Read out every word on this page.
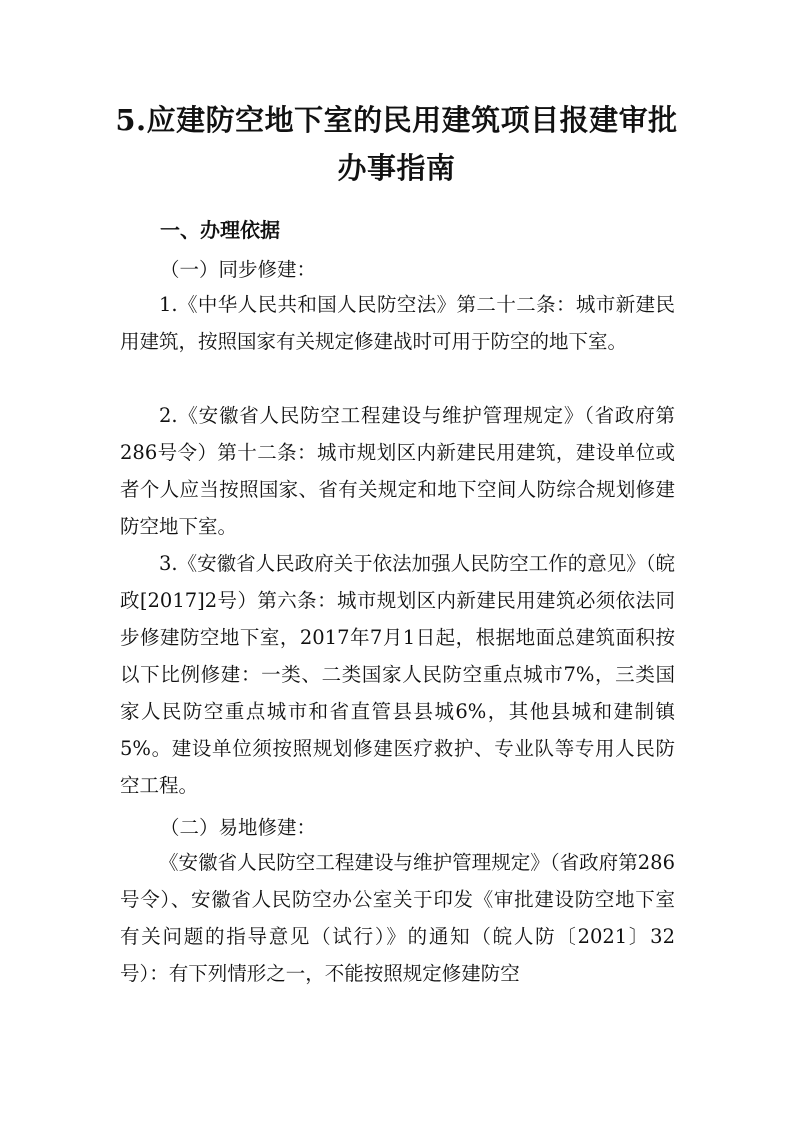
5.应建防空地下室的民用建筑项目报建审批
办事指南
一、办理依据
（一）同步修建：

1.《中华人民共和国人民防空法》第二十二条：城市新建民用建筑，按照国家有关规定修建战时可用于防空的地下室。

2.《安徽省人民防空工程建设与维护管理规定》（省政府第286号令）第十二条：城市规划区内新建民用建筑，建设单位或者个人应当按照国家、省有关规定和地下空间人防综合规划修建防空地下室。

3.《安徽省人民政府关于依法加强人民防空工作的意见》（皖政[2017]2号）第六条：城市规划区内新建民用建筑必须依法同步修建防空地下室，2017年7月1日起，根据地面总建筑面积按以下比例修建：一类、二类国家人民防空重点城市7%，三类国家人民防空重点城市和省直管县县城6%，其他县城和建制镇5%。建设单位须按照规划修建医疗救护、专业队等专用人民防空工程。

（二）易地修建：

《安徽省人民防空工程建设与维护管理规定》（省政府第286号令）、安徽省人民防空办公室关于印发《审批建设防空地下室有关问题的指导意见（试行）》的通知（皖人防〔2021〕32号）：有下列情形之一，不能按照规定修建防空
